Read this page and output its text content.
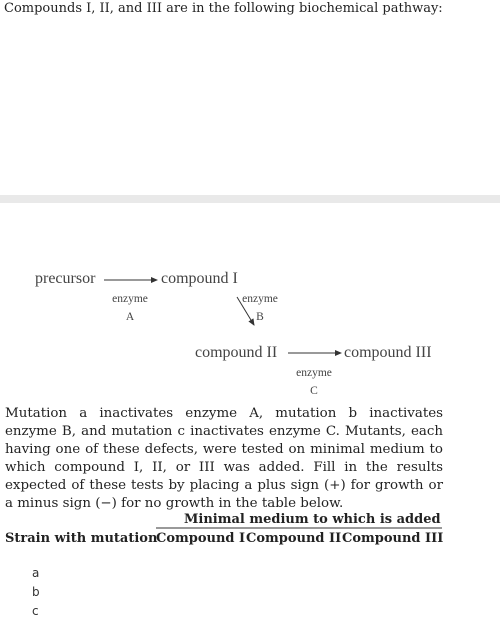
Compounds I, II, and III are in the following biochemical pathway:
precursor	compound I
enzyme
A
enzyme
B
compound II	compound III
enzyme
C
Mutation a inactivates enzyme A, mutation b inactivates enzyme B, and mutation c inactivates enzyme C. Mutants, each having one of these defects, were tested on minimal medium to which compound I, II, or III was added. Fill in the results expected of these tests by placing a plus sign (+) for growth or a minus sign (−) for no growth in the table below.
Minimal medium to which is added
Strain with mutation
Compound I Compound II Compound III
a
b
c
